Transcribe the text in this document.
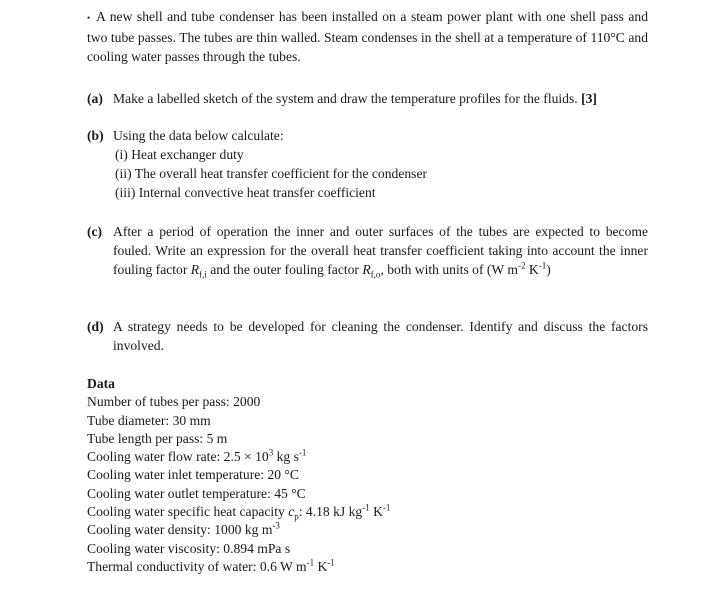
• A new shell and tube condenser has been installed on a steam power plant with one shell pass and two tube passes. The tubes are thin walled. Steam condenses in the shell at a temperature of 110°C and cooling water passes through the tubes.
(a) Make a labelled sketch of the system and draw the temperature profiles for the fluids. [3]
(b) Using the data below calculate:
(i) Heat exchanger duty
(ii) The overall heat transfer coefficient for the condenser
(iii) Internal convective heat transfer coefficient
(c) After a period of operation the inner and outer surfaces of the tubes are expected to become fouled. Write an expression for the overall heat transfer coefficient taking into account the inner fouling factor $R_{f,i}$ and the outer fouling factor $R_{f,o}$, both with units of (W $m^{-2}$ $K^{-1}$)
(d) A strategy needs to be developed for cleaning the condenser. Identify and discuss the factors involved.
Data
Number of tubes per pass: 2000
Tube diameter: 30 mm
Tube length per pass: 5 m
Cooling water flow rate: $2.5 \times 10^3$ kg $s^{-1}$
Cooling water inlet temperature: 20 °C
Cooling water outlet temperature: 45 °C
Cooling water specific heat capacity $c_p$: 4.18 kJ $kg^{-1}$ $K^{-1}$
Cooling water density: 1000 kg $m^{-3}$
Cooling water viscosity: 0.894 mPa s
Thermal conductivity of water: 0.6 W $m^{-1}$ $K^{-1}$
